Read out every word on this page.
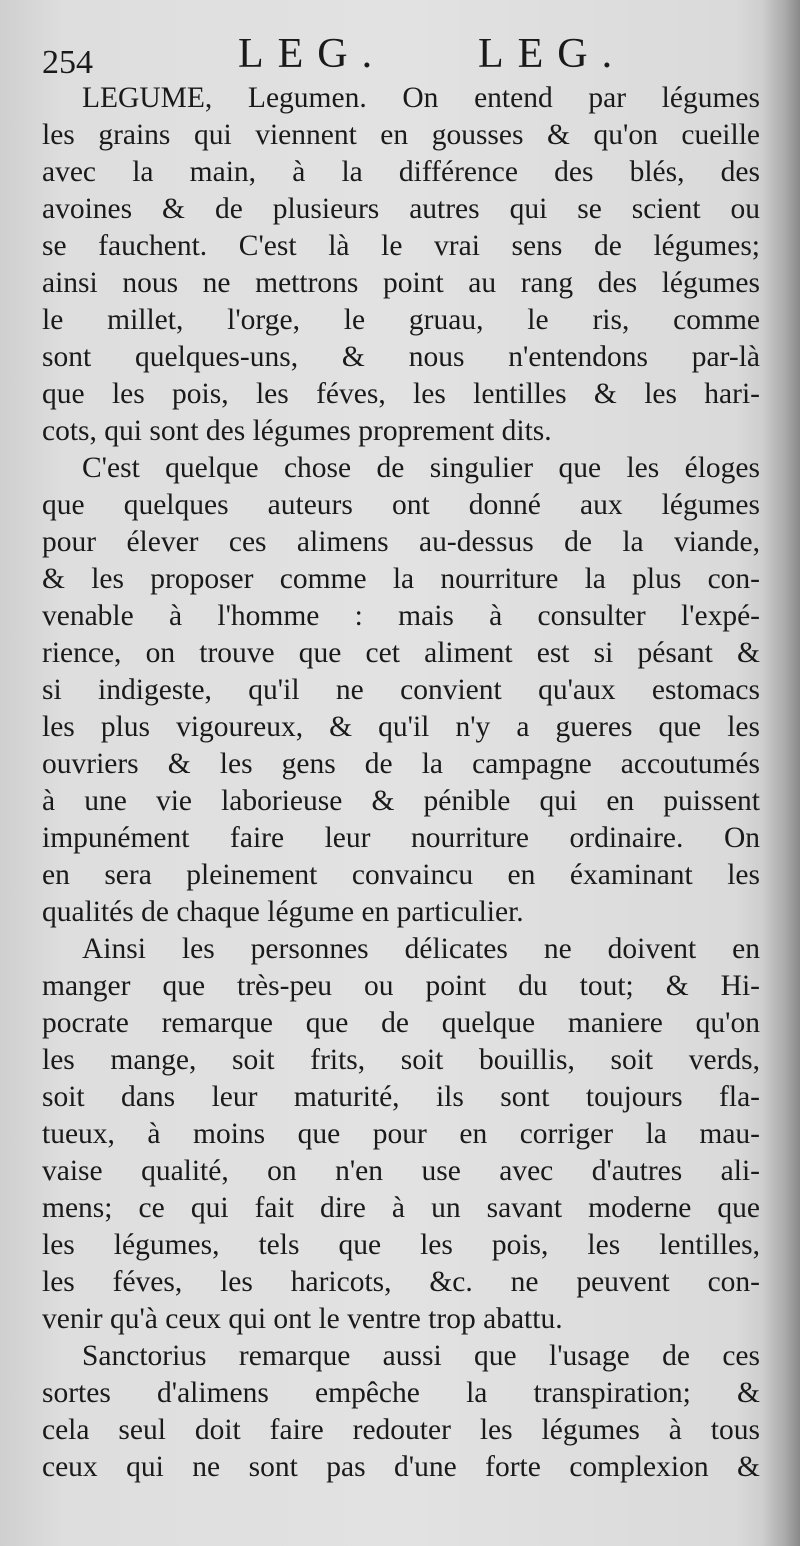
254	LEG. LEG.
LEGUME, Legumen. On entend par légumes
les grains qui viennent en gousses & qu'on cueille
avec la main, à la différence des blés, des
avoines & de plusieurs autres qui se scient ou
se fauchent. C'est là le vrai sens de légumes;
ainsi nous ne mettrons point au rang des légumes
le millet, l'orge, le gruau, le ris, comme
sont quelques-uns, & nous n'entendons par-là
que les pois, les féves, les lentilles & les hari-
cots, qui sont des légumes proprement dits.
C'est quelque chose de singulier que les éloges
que quelques auteurs ont donné aux légumes
pour élever ces alimens au-dessus de la viande,
& les proposer comme la nourriture la plus con-
venable à l'homme : mais à consulter l'expé-
rience, on trouve que cet aliment est si pésant &
si indigeste, qu'il ne convient qu'aux estomacs
les plus vigoureux, & qu'il n'y a gueres que les
ouvriers & les gens de la campagne accoutumés
à une vie laborieuse & pénible qui en puissent
impunément faire leur nourriture ordinaire. On
en sera pleinement convaincu en éxaminant les
qualités de chaque légume en particulier.
Ainsi les personnes délicates ne doivent en
manger que très-peu ou point du tout; & Hi-
pocrate remarque que de quelque maniere qu'on
les mange, soit frits, soit bouillis, soit verds,
soit dans leur maturité, ils sont toujours fla-
tueux, à moins que pour en corriger la mau-
vaise qualité, on n'en use avec d'autres ali-
mens; ce qui fait dire à un savant moderne que
les légumes, tels que les pois, les lentilles,
les féves, les haricots, &c. ne peuvent con-
venir qu'à ceux qui ont le ventre trop abattu.
Sanctorius remarque aussi que l'usage de ces
sortes d'alimens empêche la transpiration; &
cela seul doit faire redouter les légumes à tous
ceux qui ne sont pas d'une forte complexion &
